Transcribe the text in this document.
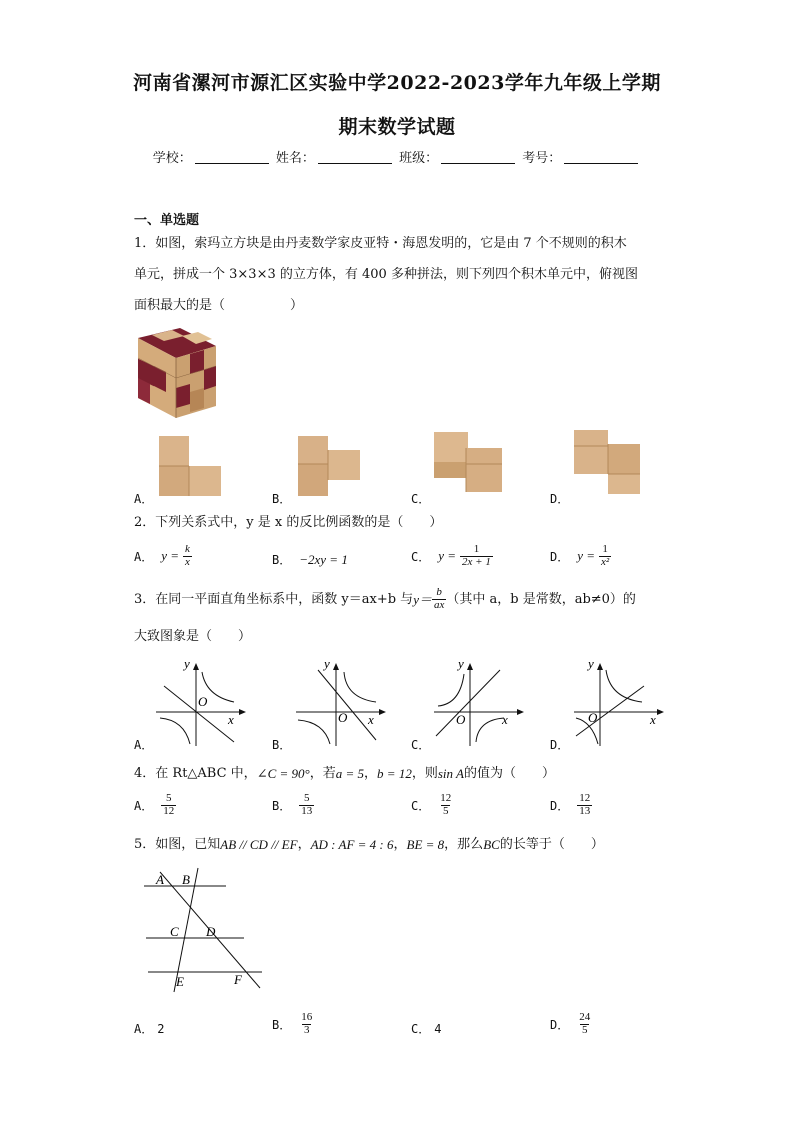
河南省漯河市源汇区实验中学2022-2023学年九年级上学期
期末数学试题
学校：	姓名：	班级：	考号：
一、单选题
1．如图，索玛立方块是由丹麦数学家皮亚特・海恩发明的，它是由 7 个不规则的积木
单元，拼成一个 3×3×3 的立方体，有 400 多种拼法，则下列四个积木单元中，俯视图
面积最大的是（　　　　　）
A．	B．	C．	D．
2．下列关系式中，y 是 x 的反比例函数的是（　　）
A． $y = \frac{k}{x}$	B． −2xy = 1	C． $y = \frac{1}{2x + 1}$	D． $y = \frac{1}{\text{x²}}$
3．在同一平面直角坐标系中，函数 y＝ax+b 与 $y= \frac{b}{ax}$ （其中 a，b 是常数，ab≠0）的
大致图象是（　　）
y
x
O
y
x
O
y
x
O
y
x
O
A．	B．	C．	D．
4．在 Rt△ABC 中， ∠C = 90° ，若 a = 5 ， b = 12 ，则 sin A 的值为（　　）
A． $\frac{5}{12}$	B． $\frac{5}{13}$	C． $\frac{12}{5}$	D． $\frac{12}{13}$
5．如图，已知 AB // CD // EF ， AD : AF = 4 : 6 ， BE = 8 ，那么 BC 的长等于（　　）
A B
C D
E	F
A． 2	B． $\frac{16}{3}$	C． 4	D． $\frac{24}{5}$
